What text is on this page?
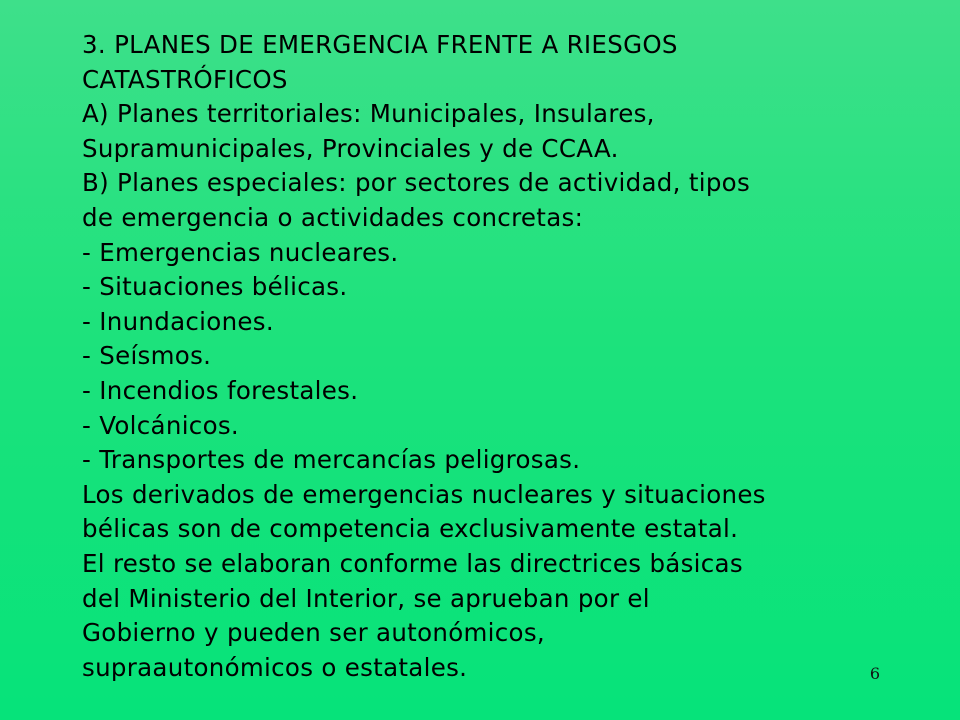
3. PLANES DE EMERGENCIA FRENTE A RIESGOS
CATASTRÓFICOS
A) Planes territoriales: Municipales, Insulares,
Supramunicipales, Provinciales y de CCAA.
B) Planes especiales: por sectores de actividad, tipos
de emergencia o actividades concretas:
- Emergencias nucleares.
- Situaciones bélicas.
- Inundaciones.
- Seísmos.
- Incendios forestales.
- Volcánicos.
- Transportes de mercancías peligrosas.
Los derivados de emergencias nucleares y situaciones
bélicas son de competencia exclusivamente estatal.
El resto se elaboran conforme las directrices básicas
del Ministerio del Interior, se aprueban por el
Gobierno y pueden ser autonómicos,
supraautonómicos o estatales.	6
